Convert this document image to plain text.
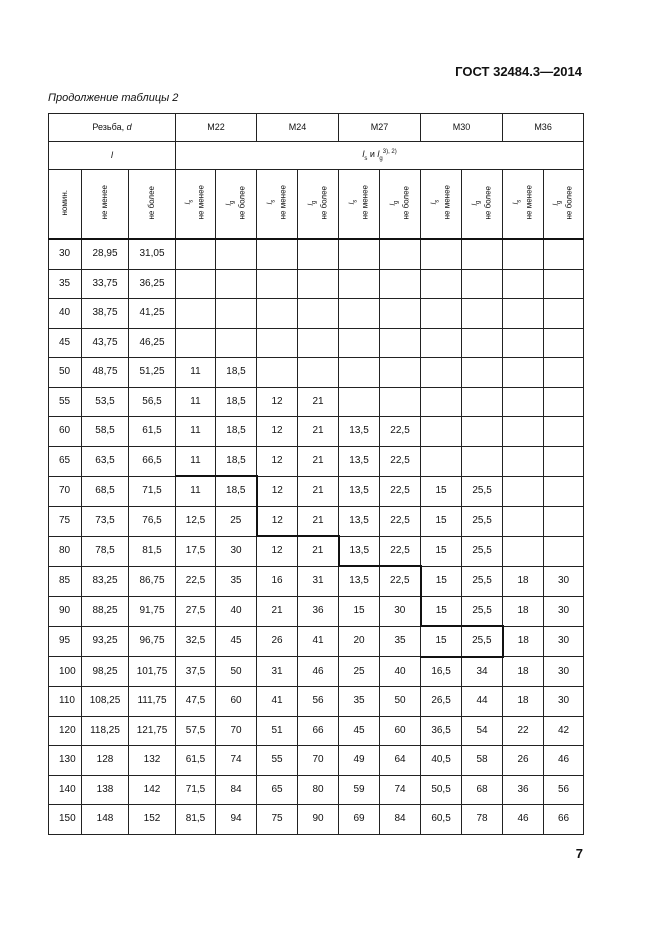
ГОСТ 32484.3—2014
Продолжение таблицы 2
Резьба, d			M22		M24		M27		M30		M36	
l			$l_s$ и $l_g^{3), 2)}$
номин.	не менее	не более	$l_s$ не менее	$l_g$ не более	$l_s$ не менее	$l_g$ не более	$l_s$ не менее	$l_g$ не более	$l_s$ не менее	$l_g$ не более	$l_s$ не менее	$l_g$ не более
30	28,95	31,05										
35	33,75	36,25										
40	38,75	41,25										
45	43,75	46,25										
50	48,75	51,25	11	18,5								
55	53,5	56,5	11	18,5	12	21						
60	58,5	61,5	11	18,5	12	21	13,5	22,5				
65	63,5	66,5	11	18,5	12	21	13,5	22,5				
70	68,5	71,5	11	18,5	12	21	13,5	22,5	15	25,5		
75	73,5	76,5	12,5	25	12	21	13,5	22,5	15	25,5		
80	78,5	81,5	17,5	30	12	21	13,5	22,5	15	25,5		
85	83,25	86,75	22,5	35	16	31	13,5	22,5	15	25,5	18	30
90	88,25	91,75	27,5	40	21	36	15	30	15	25,5	18	30
95	93,25	96,75	32,5	45	26	41	20	35	15	25,5	18	30
100	98,25	101,75	37,5	50	31	46	25	40	16,5	34	18	30
110	108,25	111,75	47,5	60	41	56	35	50	26,5	44	18	30
120	118,25	121,75	57,5	70	51	66	45	60	36,5	54	22	42
130	128	132	61,5	74	55	70	49	64	40,5	58	26	46
140	138	142	71,5	84	65	80	59	74	50,5	68	36	56
150	148	152	81,5	94	75	90	69	84	60,5	78	46	66
7
